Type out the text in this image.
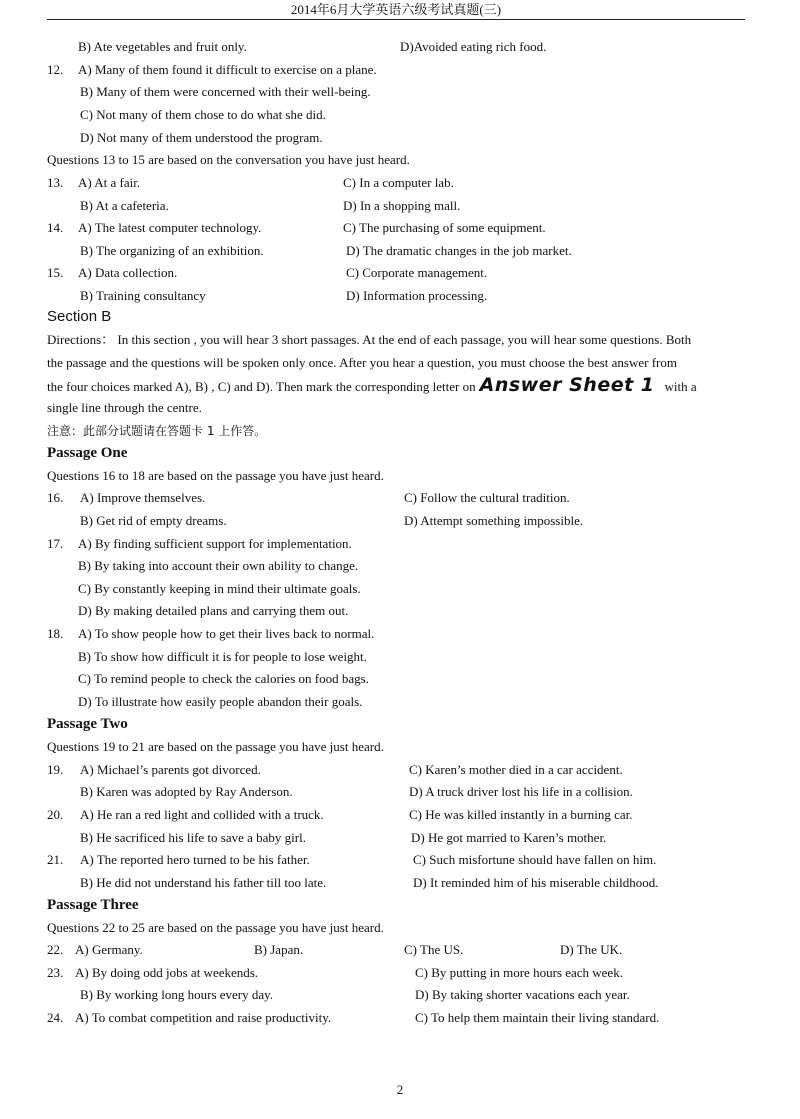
2014年6月大学英语六级考试真题(三)
B) Ate vegetables and fruit only.	D)Avoided eating rich food.
12. A) Many of them found it difficult to exercise on a plane.
B) Many of them were concerned with their well-being.
C) Not many of them chose to do what she did.
D) Not many of them understood the program.
Questions 13 to 15 are based on the conversation you have just heard.
13. A) At a fair.	C) In a computer lab.
B) At a cafeteria.	D) In a shopping mall.
14. A) The latest computer technology.	C) The purchasing of some equipment.
B) The organizing of an exhibition.	D) The dramatic changes in the job market.
15. A) Data collection.	C) Corporate management.
B) Training consultancy	D) Information processing.
Section B
Directions： In this section , you will hear 3 short passages. At the end of each passage, you will hear some questions. Both
the passage and the questions will be spoken only once. After you hear a question, you must choose the best answer from
the four choices marked A), B) , C) and D). Then mark the corresponding letter on Answer Sheet 1 with a
single line through the centre.
注意：此部分试题请在答题卡 1 上作答。
Passage One
Questions 16 to 18 are based on the passage you have just heard.
16. A) Improve themselves.	C) Follow the cultural tradition.
B) Get rid of empty dreams.	D) Attempt something impossible.
17. A) By finding sufficient support for implementation.
B) By taking into account their own ability to change.
C) By constantly keeping in mind their ultimate goals.
D) By making detailed plans and carrying them out.
18. A) To show people how to get their lives back to normal.
B) To show how difficult it is for people to lose weight.
C) To remind people to check the calories on food bags.
D) To illustrate how easily people abandon their goals.
Passage Two
Questions 19 to 21 are based on the passage you have just heard.
19. A) Michael’s parents got divorced.	C) Karen’s mother died in a car accident.
B) Karen was adopted by Ray Anderson.	D) A truck driver lost his life in a collision.
20. A) He ran a red light and collided with a truck.	C) He was killed instantly in a burning car.
B) He sacrificed his life to save a baby girl.	D) He got married to Karen’s mother.
21. A) The reported hero turned to be his father.	C) Such misfortune should have fallen on him.
B) He did not understand his father till too late.	D) It reminded him of his miserable childhood.
Passage Three
Questions 22 to 25 are based on the passage you have just heard.
22. A) Germany.	B) Japan.	C) The US.	D) The UK.
23. A) By doing odd jobs at weekends.	C) By putting in more hours each week.
B) By working long hours every day.	D) By taking shorter vacations each year.
24. A) To combat competition and raise productivity.	C) To help them maintain their living standard.
2
